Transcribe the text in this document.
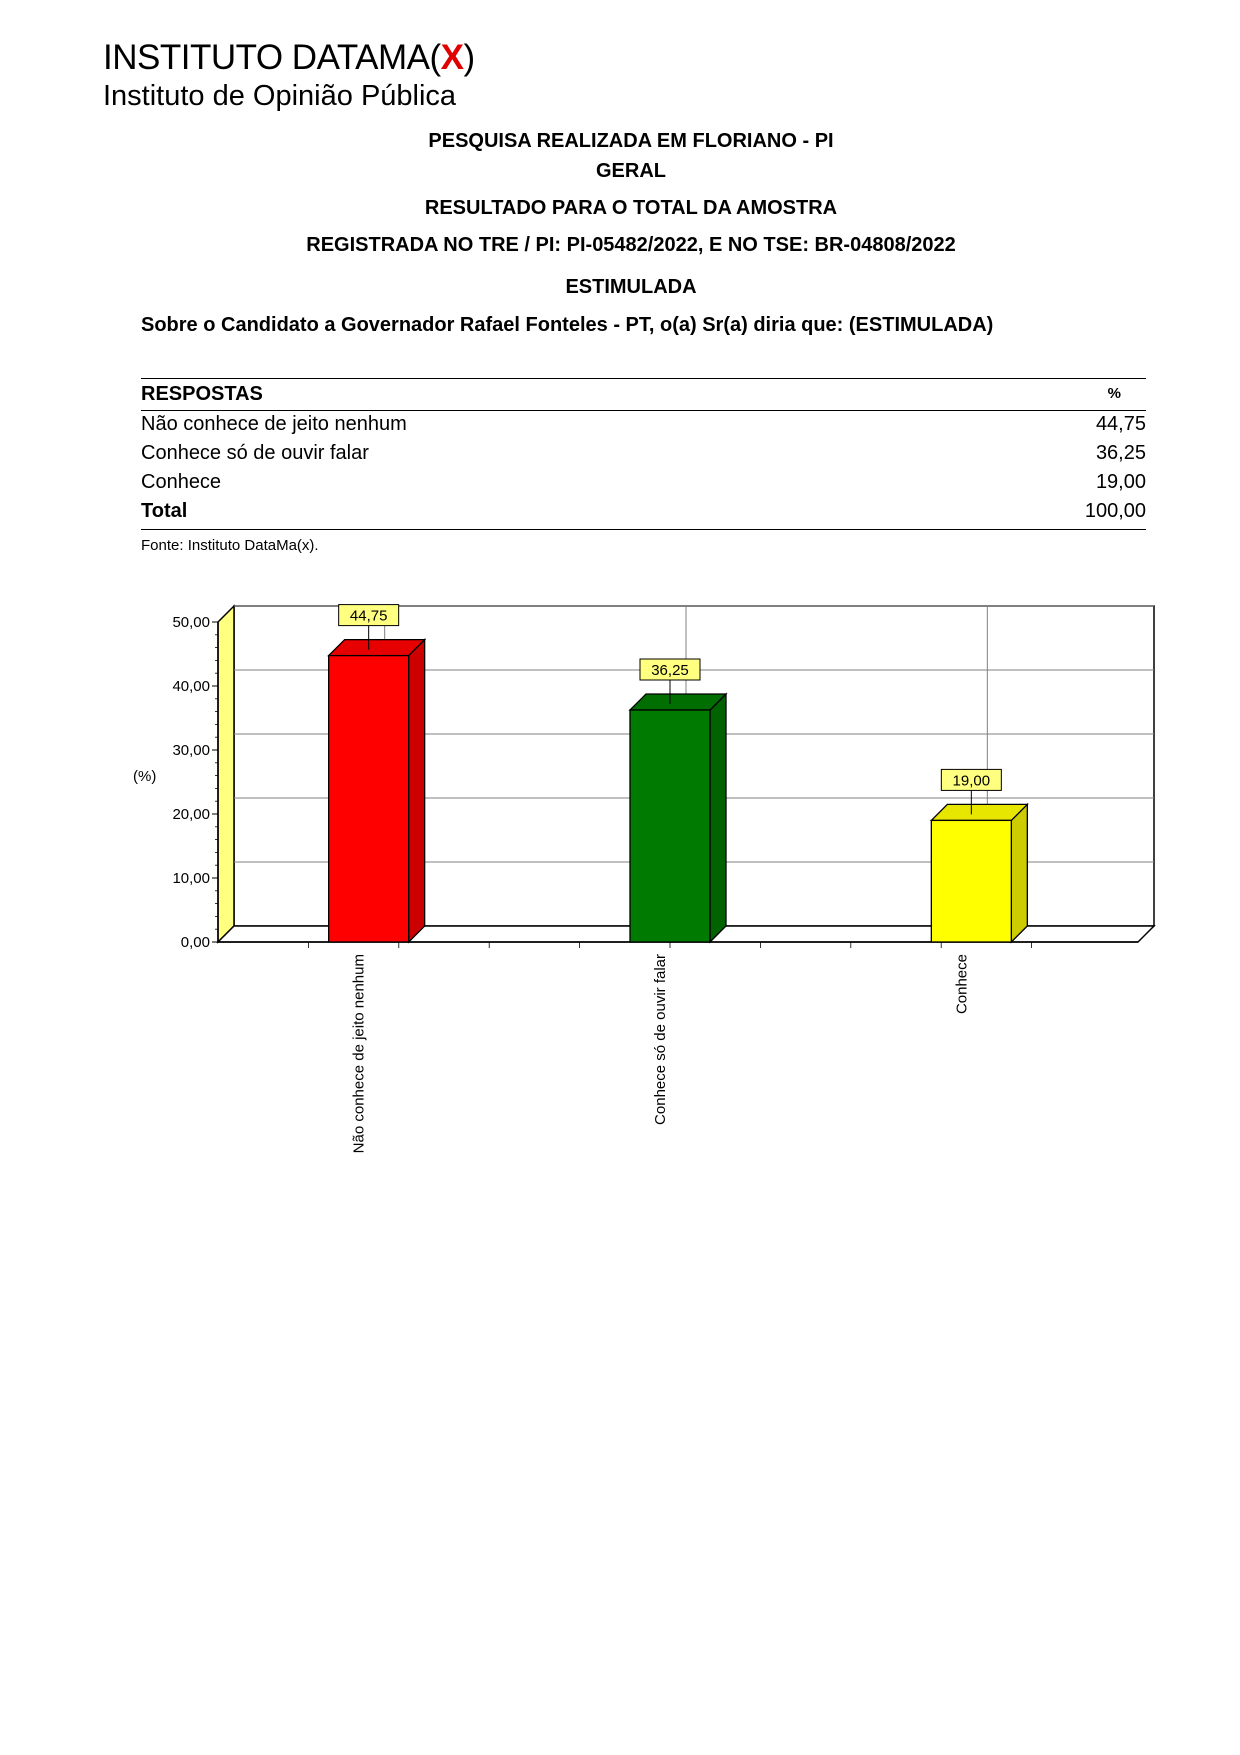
INSTITUTO DATAMA(X)
Instituto de Opinião Pública
PESQUISA REALIZADA EM FLORIANO - PI
GERAL
RESULTADO PARA O TOTAL DA AMOSTRA
REGISTRADA NO TRE / PI: PI-05482/2022, E NO TSE: BR-04808/2022
ESTIMULADA
Sobre o Candidato a Governador Rafael Fonteles - PT, o(a) Sr(a) diria que: (ESTIMULADA)
RESPOSTAS	%
Não conhece de jeito nenhum	44,75
Conhece só de ouvir falar	36,25
Conhece	19,00
Total	100,00
Fonte: Instituto DataMa(x).
0,00
10,00
20,00
30,00
40,00
50,00
(%)
44,75
Não conhece de jeito nenhum
36,25
Conhece só de ouvir falar
19,00
Conhece
